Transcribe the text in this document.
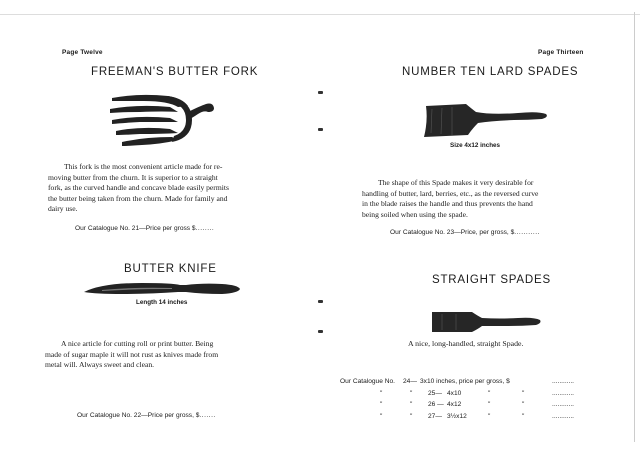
Page Twelve
FREEMAN'S BUTTER FORK
This fork is the most convenient article made for re-
moving butter from the churn. It is superior to a straight
fork, as the curved handle and concave blade easily permits
the butter being taken from the churn. Made for family and
dairy use.
Our Catalogue No. 21—Price per gross $........
BUTTER KNIFE
Length 14 inches
A nice article for cutting roll or print butter. Being
made of sugar maple it will not rust as knives made from
metal will. Always sweet and clean.
Our Catalogue No. 22—Price per gross, $.......
Page Thirteen
NUMBER TEN LARD SPADES
Size 4x12 inches
The shape of this Spade makes it very desirable for
handling of butter, lard, berries, etc., as the reversed curve
in the blade raises the handle and thus prevents the hand
being soiled when using the spade.
Our Catalogue No. 23—Price, per gross, $...........
STRAIGHT SPADES
A nice, long-handled, straight Spade.
Our Catalogue No. 24— 3x10 inches, price per gross, $	............
"	" 25— 4x10	"	"	............
"	" 26 — 4x12	"	"	............
"	" 27— 3½x12	"	"	............
